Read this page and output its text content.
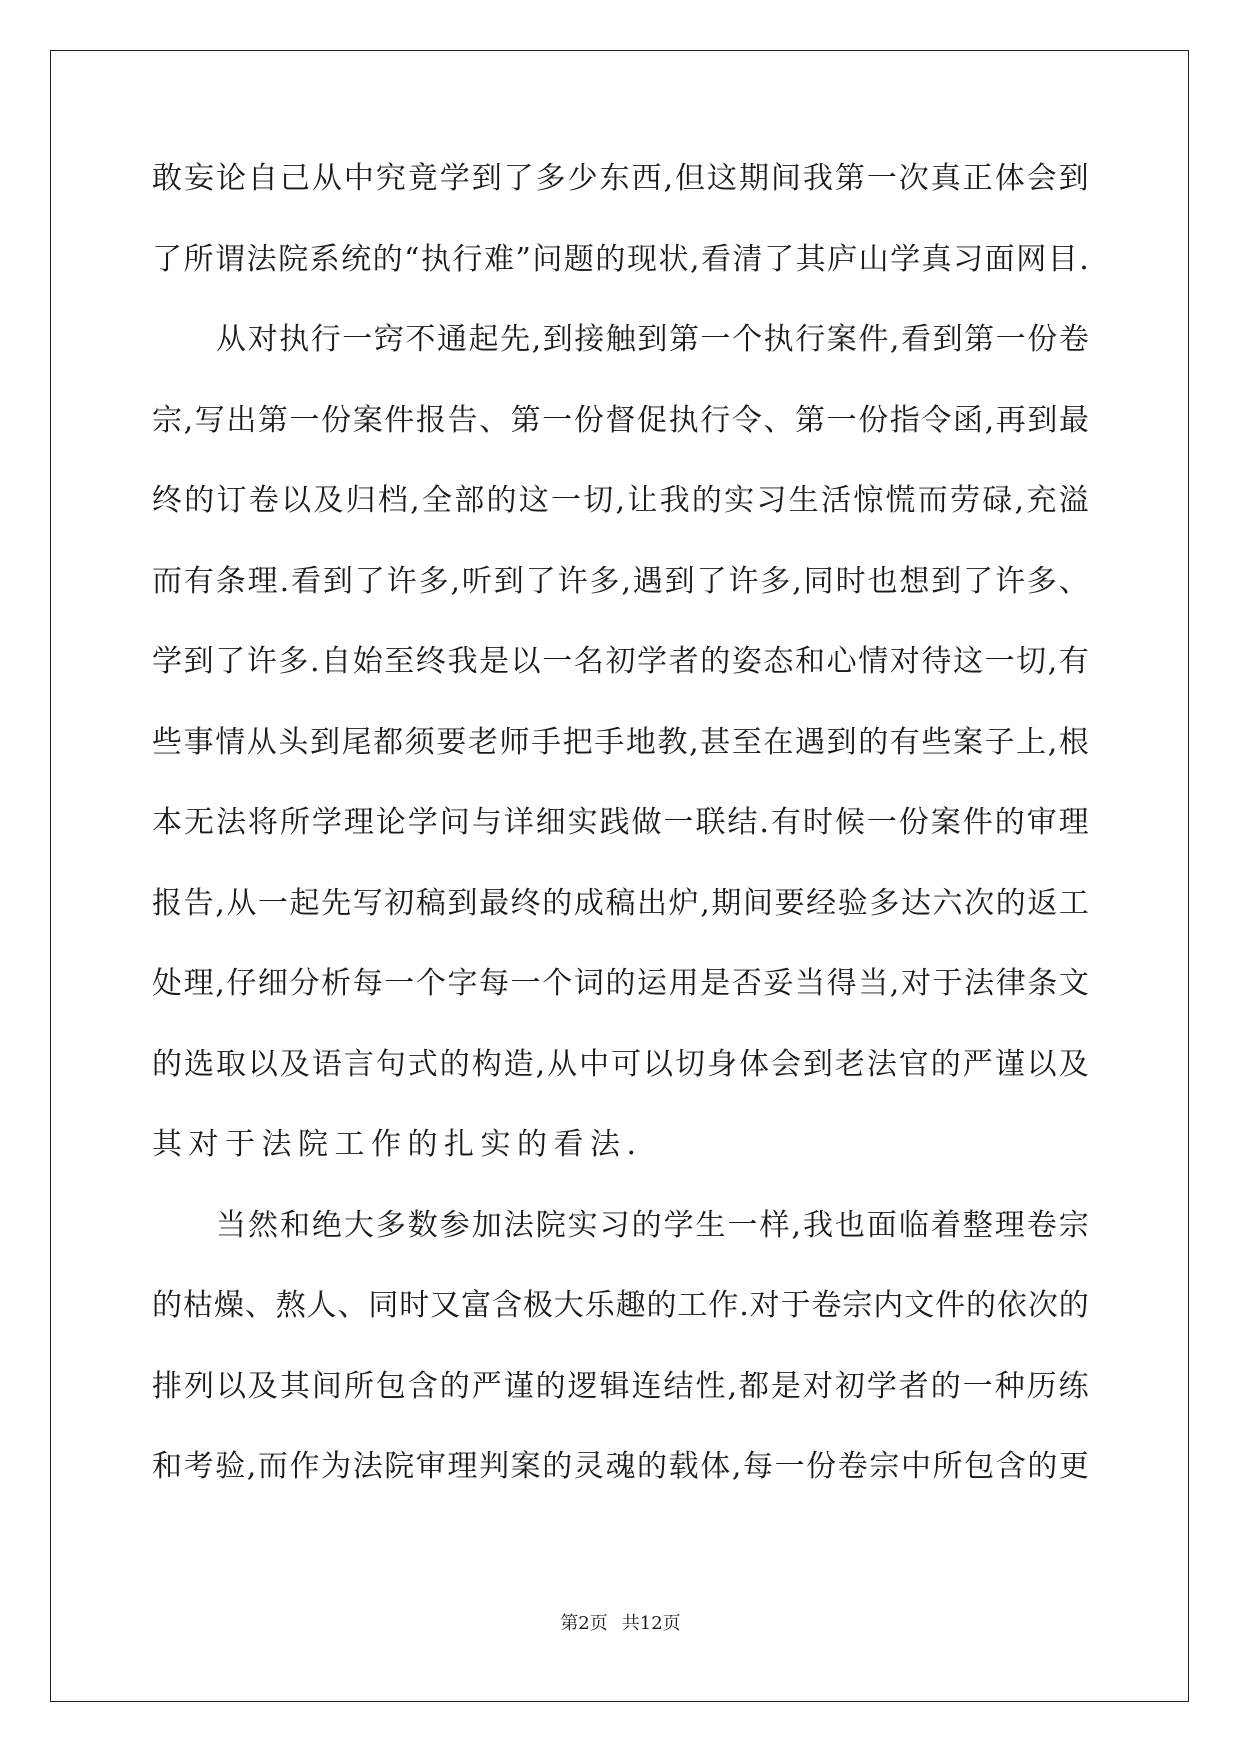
敢 妄 论 自 己 从 中 究 竟 学 到 了 多 少 东 西 , 但 这 期 间 我 第 一 次 真 正 体 会 到
了 所 谓 法 院 系 统 的 “ 执 行 难 ” 问 题 的 现 状 , 看 清 了 其 庐 山 学 真 习 面 网 目 .
从 对 执 行 一 窍 不 通 起 先 , 到 接 触 到 第 一 个 执 行 案 件 , 看 到 第 一 份 卷
宗 , 写 出 第 一 份 案 件 报 告 、 第 一 份 督 促 执 行 令 、 第 一 份 指 令 函 , 再 到 最
终 的 订 卷 以 及 归 档 , 全 部 的 这 一 切 , 让 我 的 实 习 生 活 惊 慌 而 劳 碌 , 充 溢
而 有 条 理 . 看 到 了 许 多 , 听 到 了 许 多 , 遇 到 了 许 多 , 同 时 也 想 到 了 许 多 、
学 到 了 许 多 . 自 始 至 终 我 是 以 一 名 初 学 者 的 姿 态 和 心 情 对 待 这 一 切 , 有
些 事 情 从 头 到 尾 都 须 要 老 师 手 把 手 地 教 , 甚 至 在 遇 到 的 有 些 案 子 上 , 根
本 无 法 将 所 学 理 论 学 问 与 详 细 实 践 做 一 联 结 . 有 时 候 一 份 案 件 的 审 理
报 告 , 从 一 起 先 写 初 稿 到 最 终 的 成 稿 出 炉 , 期 间 要 经 验 多 达 六 次 的 返 工
处 理 , 仔 细 分 析 每 一 个 字 每 一 个 词 的 运 用 是 否 妥 当 得 当 , 对 于 法 律 条 文
的 选 取 以 及 语 言 句 式 的 构 造 , 从 中 可 以 切 身 体 会 到 老 法 官 的 严 谨 以 及
其对于法院工作的扎实的看法.
当 然 和 绝 大 多 数 参 加 法 院 实 习 的 学 生 一 样 , 我 也 面 临 着 整 理 卷 宗
的 枯 燥 、 熬 人 、 同 时 又 富 含 极 大 乐 趣 的 工 作 . 对 于 卷 宗 内 文 件 的 依 次 的
排 列 以 及 其 间 所 包 含 的 严 谨 的 逻 辑 连 结 性 , 都 是 对 初 学 者 的 一 种 历 练
和 考 验 , 而 作 为 法 院 审 理 判 案 的 灵 魂 的 载 体 , 每 一 份 卷 宗 中 所 包 含 的 更
第2页 共12页
